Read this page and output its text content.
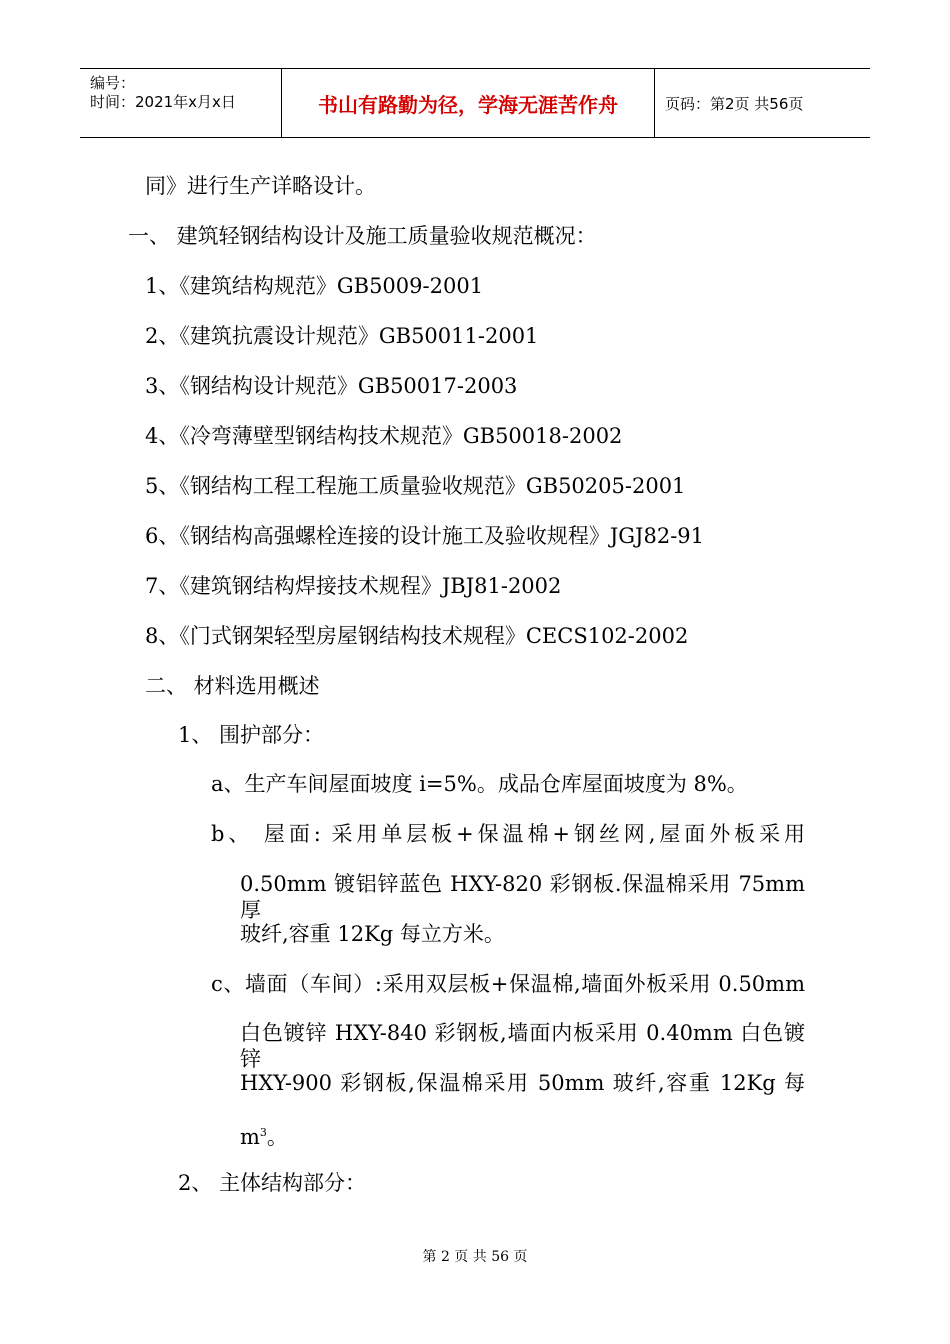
编号：
时间：2021年x月x日	书山有路勤为径，学海无涯苦作舟	页码：第2页 共56页
同》进行生产详略设计。
一、 建筑轻钢结构设计及施工质量验收规范概况：
1、《建筑结构规范》GB5009-2001
2、《建筑抗震设计规范》GB50011-2001
3、《钢结构设计规范》GB50017-2003
4、《冷弯薄壁型钢结构技术规范》GB50018-2002
5、《钢结构工程工程施工质量验收规范》GB50205-2001
6、《钢结构高强螺栓连接的设计施工及验收规程》JGJ82-91
7、《建筑钢结构焊接技术规程》JBJ81-2002
8、《门式钢架轻型房屋钢结构技术规程》CECS102-2002
二、 材料选用概述
1、 围护部分：
a、生产车间屋面坡度 i=5%。成品仓库屋面坡度为 8%。
b、 屋面: 采用单层板+保温棉+钢丝网,屋面外板采用
0.50mm 镀铝锌蓝色 HXY-820 彩钢板.保温棉采用 75mm 厚
玻纤,容重 12Kg 每立方米。
c、墙面（车间）:采用双层板+保温棉,墙面外板采用 0.50mm
白色镀锌 HXY-840 彩钢板,墙面内板采用 0.40mm 白色镀锌
HXY-900 彩钢板,保温棉采用 50mm 玻纤,容重 12Kg 每
$m^3$。
2、 主体结构部分：
第 2 页 共 56 页
